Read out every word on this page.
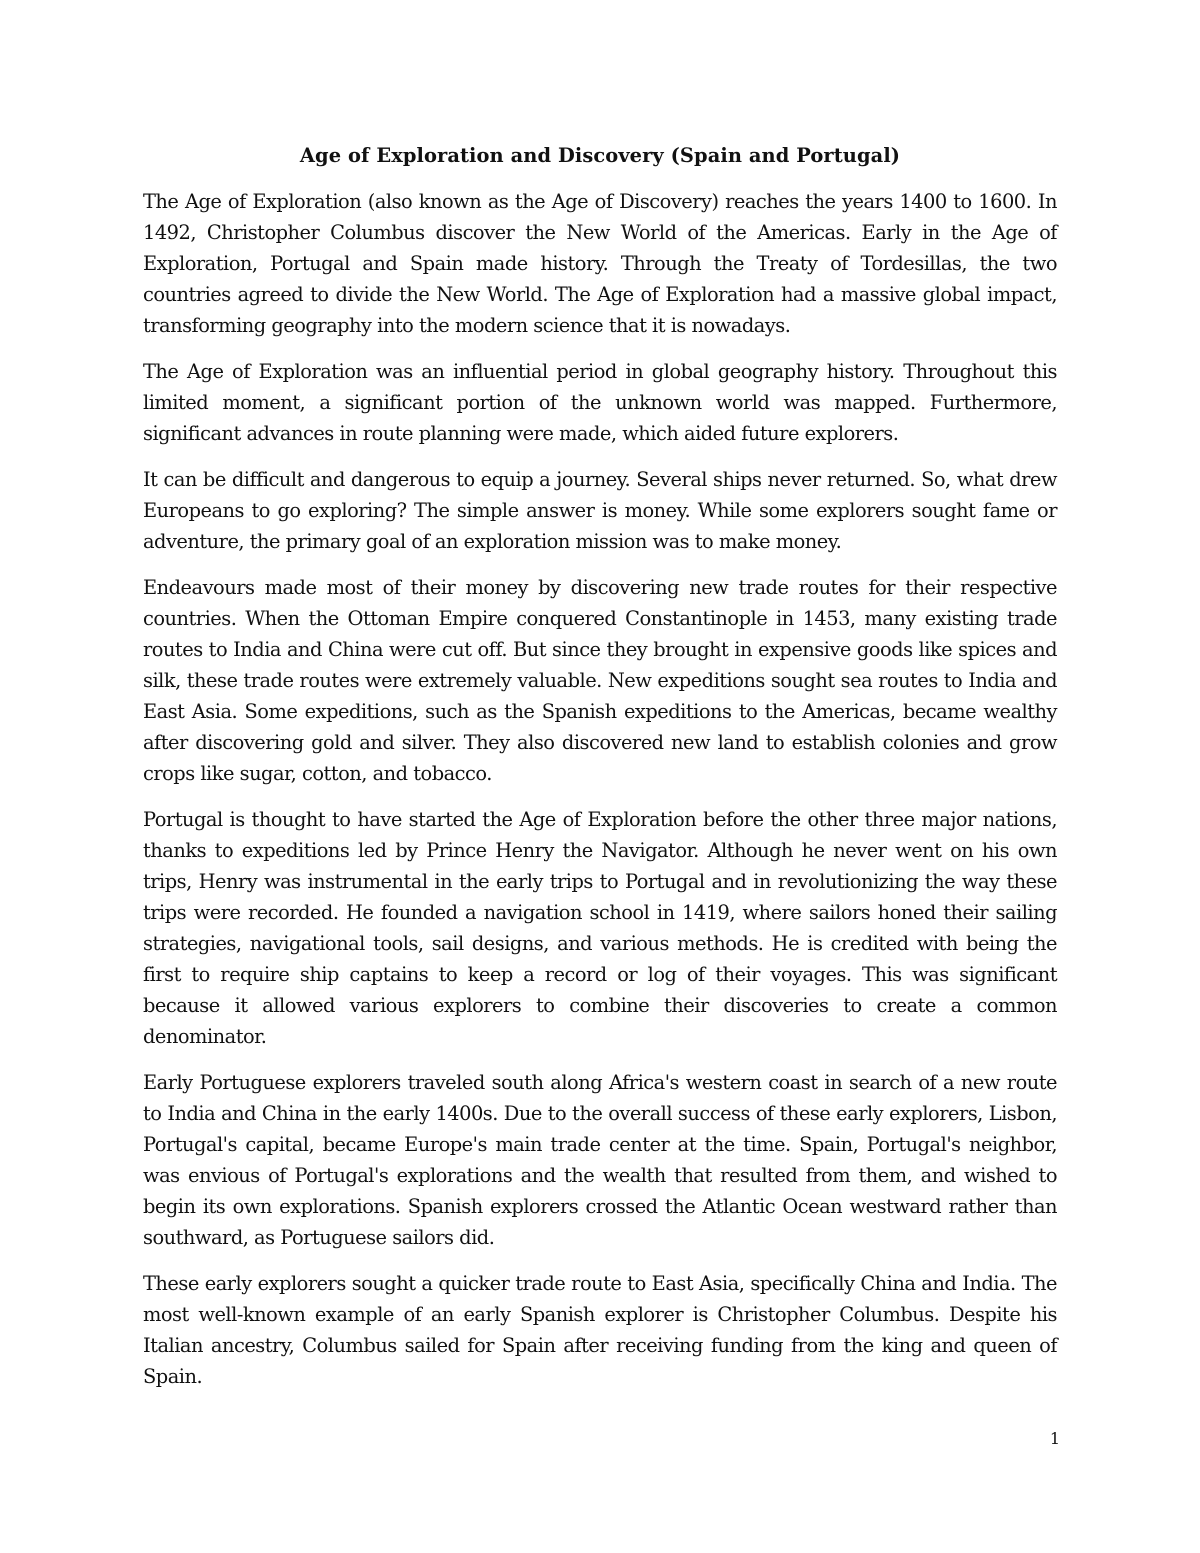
Age of Exploration and Discovery (Spain and Portugal)

The Age of Exploration (also known as the Age of Discovery) reaches the years 1400 to 1600. In 1492, Christopher Columbus discover the New World of the Americas. Early in the Age of Exploration, Portugal and Spain made history. Through the Treaty of Tordesillas, the two countries agreed to divide the New World. The Age of Exploration had a massive global impact, transforming geography into the modern science that it is nowadays.

The Age of Exploration was an influential period in global geography history. Throughout this limited moment, a significant portion of the unknown world was mapped. Furthermore, significant advances in route planning were made, which aided future explorers.

It can be difficult and dangerous to equip a journey. Several ships never returned. So, what drew Europeans to go exploring? The simple answer is money. While some explorers sought fame or adventure, the primary goal of an exploration mission was to make money.

Endeavours made most of their money by discovering new trade routes for their respective countries. When the Ottoman Empire conquered Constantinople in 1453, many existing trade routes to India and China were cut off. But since they brought in expensive goods like spices and silk, these trade routes were extremely valuable. New expeditions sought sea routes to India and East Asia. Some expeditions, such as the Spanish expeditions to the Americas, became wealthy after discovering gold and silver. They also discovered new land to establish colonies and grow crops like sugar, cotton, and tobacco.

Portugal is thought to have started the Age of Exploration before the other three major nations, thanks to expeditions led by Prince Henry the Navigator. Although he never went on his own trips, Henry was instrumental in the early trips to Portugal and in revolutionizing the way these trips were recorded. He founded a navigation school in 1419, where sailors honed their sailing strategies, navigational tools, sail designs, and various methods. He is credited with being the first to require ship captains to keep a record or log of their voyages. This was significant because it allowed various explorers to combine their discoveries to create a common denominator.

Early Portuguese explorers traveled south along Africa's western coast in search of a new route to India and China in the early 1400s. Due to the overall success of these early explorers, Lisbon, Portugal's capital, became Europe's main trade center at the time. Spain, Portugal's neighbor, was envious of Portugal's explorations and the wealth that resulted from them, and wished to begin its own explorations. Spanish explorers crossed the Atlantic Ocean westward rather than southward, as Portuguese sailors did.

These early explorers sought a quicker trade route to East Asia, specifically China and India. The most well-known example of an early Spanish explorer is Christopher Columbus. Despite his Italian ancestry, Columbus sailed for Spain after receiving funding from the king and queen of Spain.

1
